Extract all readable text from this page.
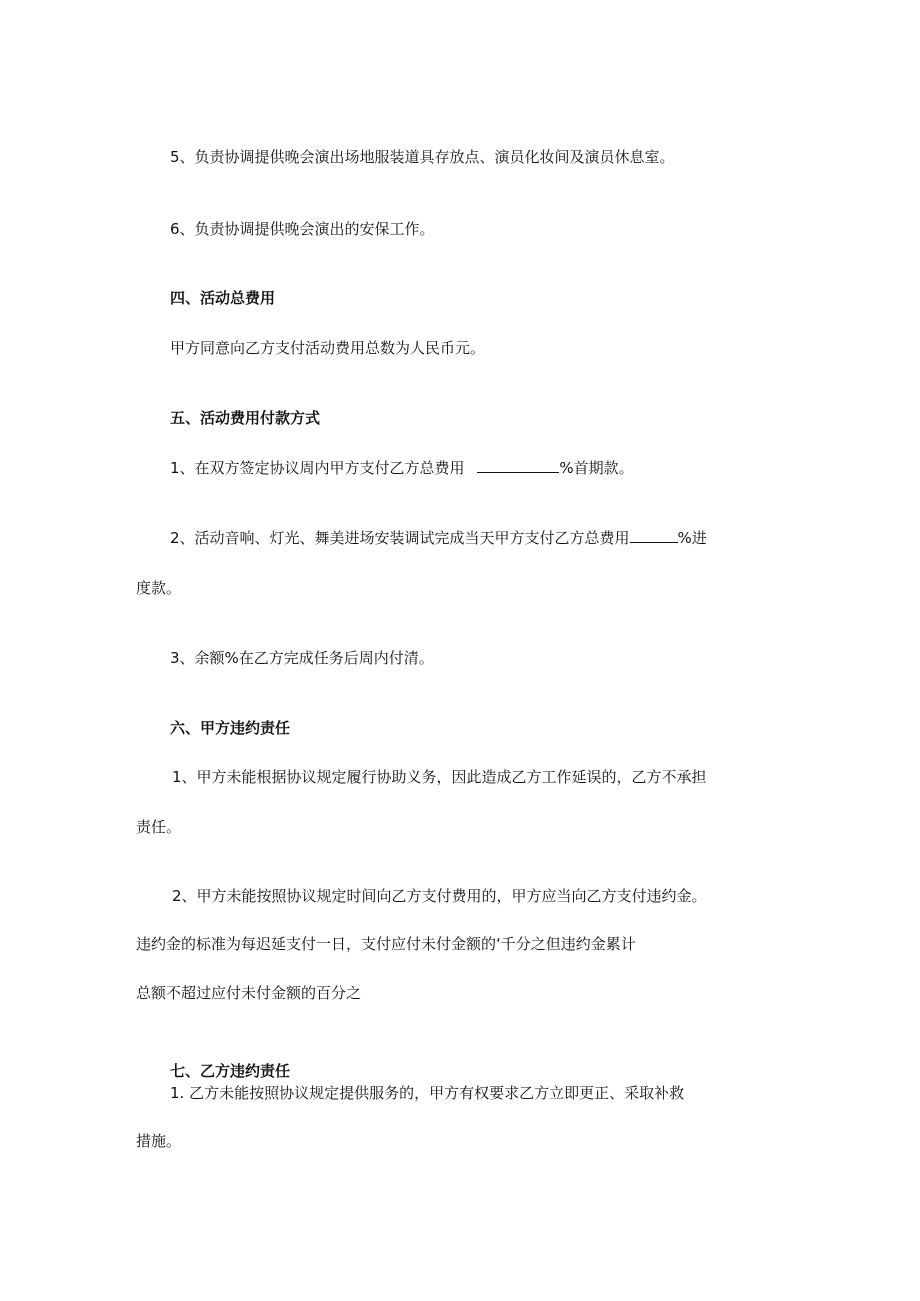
5、负责协调提供晚会演出场地服装道具存放点、演员化妆间及演员休息室。
6、负责协调提供晚会演出的安保工作。
四、活动总费用
甲方同意向乙方支付活动费用总数为人民币元。
五、活动费用付款方式
1、在双方签定协议周内甲方支付乙方总费用	%首期款。
2、活动音响、灯光、舞美进场安装调试完成当天甲方支付乙方总费用	%进
度款。
3、余额%在乙方完成任务后周内付清。
六、甲方违约责任
1、甲方未能根据协议规定履行协助义务，因此造成乙方工作延误的，乙方不承担
责任。
2、甲方未能按照协议规定时间向乙方支付费用的，甲方应当向乙方支付违约金。
违约金的标准为每迟延支付一日，支付应付未付金额的‘千分之但违约金累计
总额不超过应付未付金额的百分之
七、乙方违约责任
1. 乙方未能按照协议规定提供服务的，甲方有权要求乙方立即更正、采取补救
措施。
